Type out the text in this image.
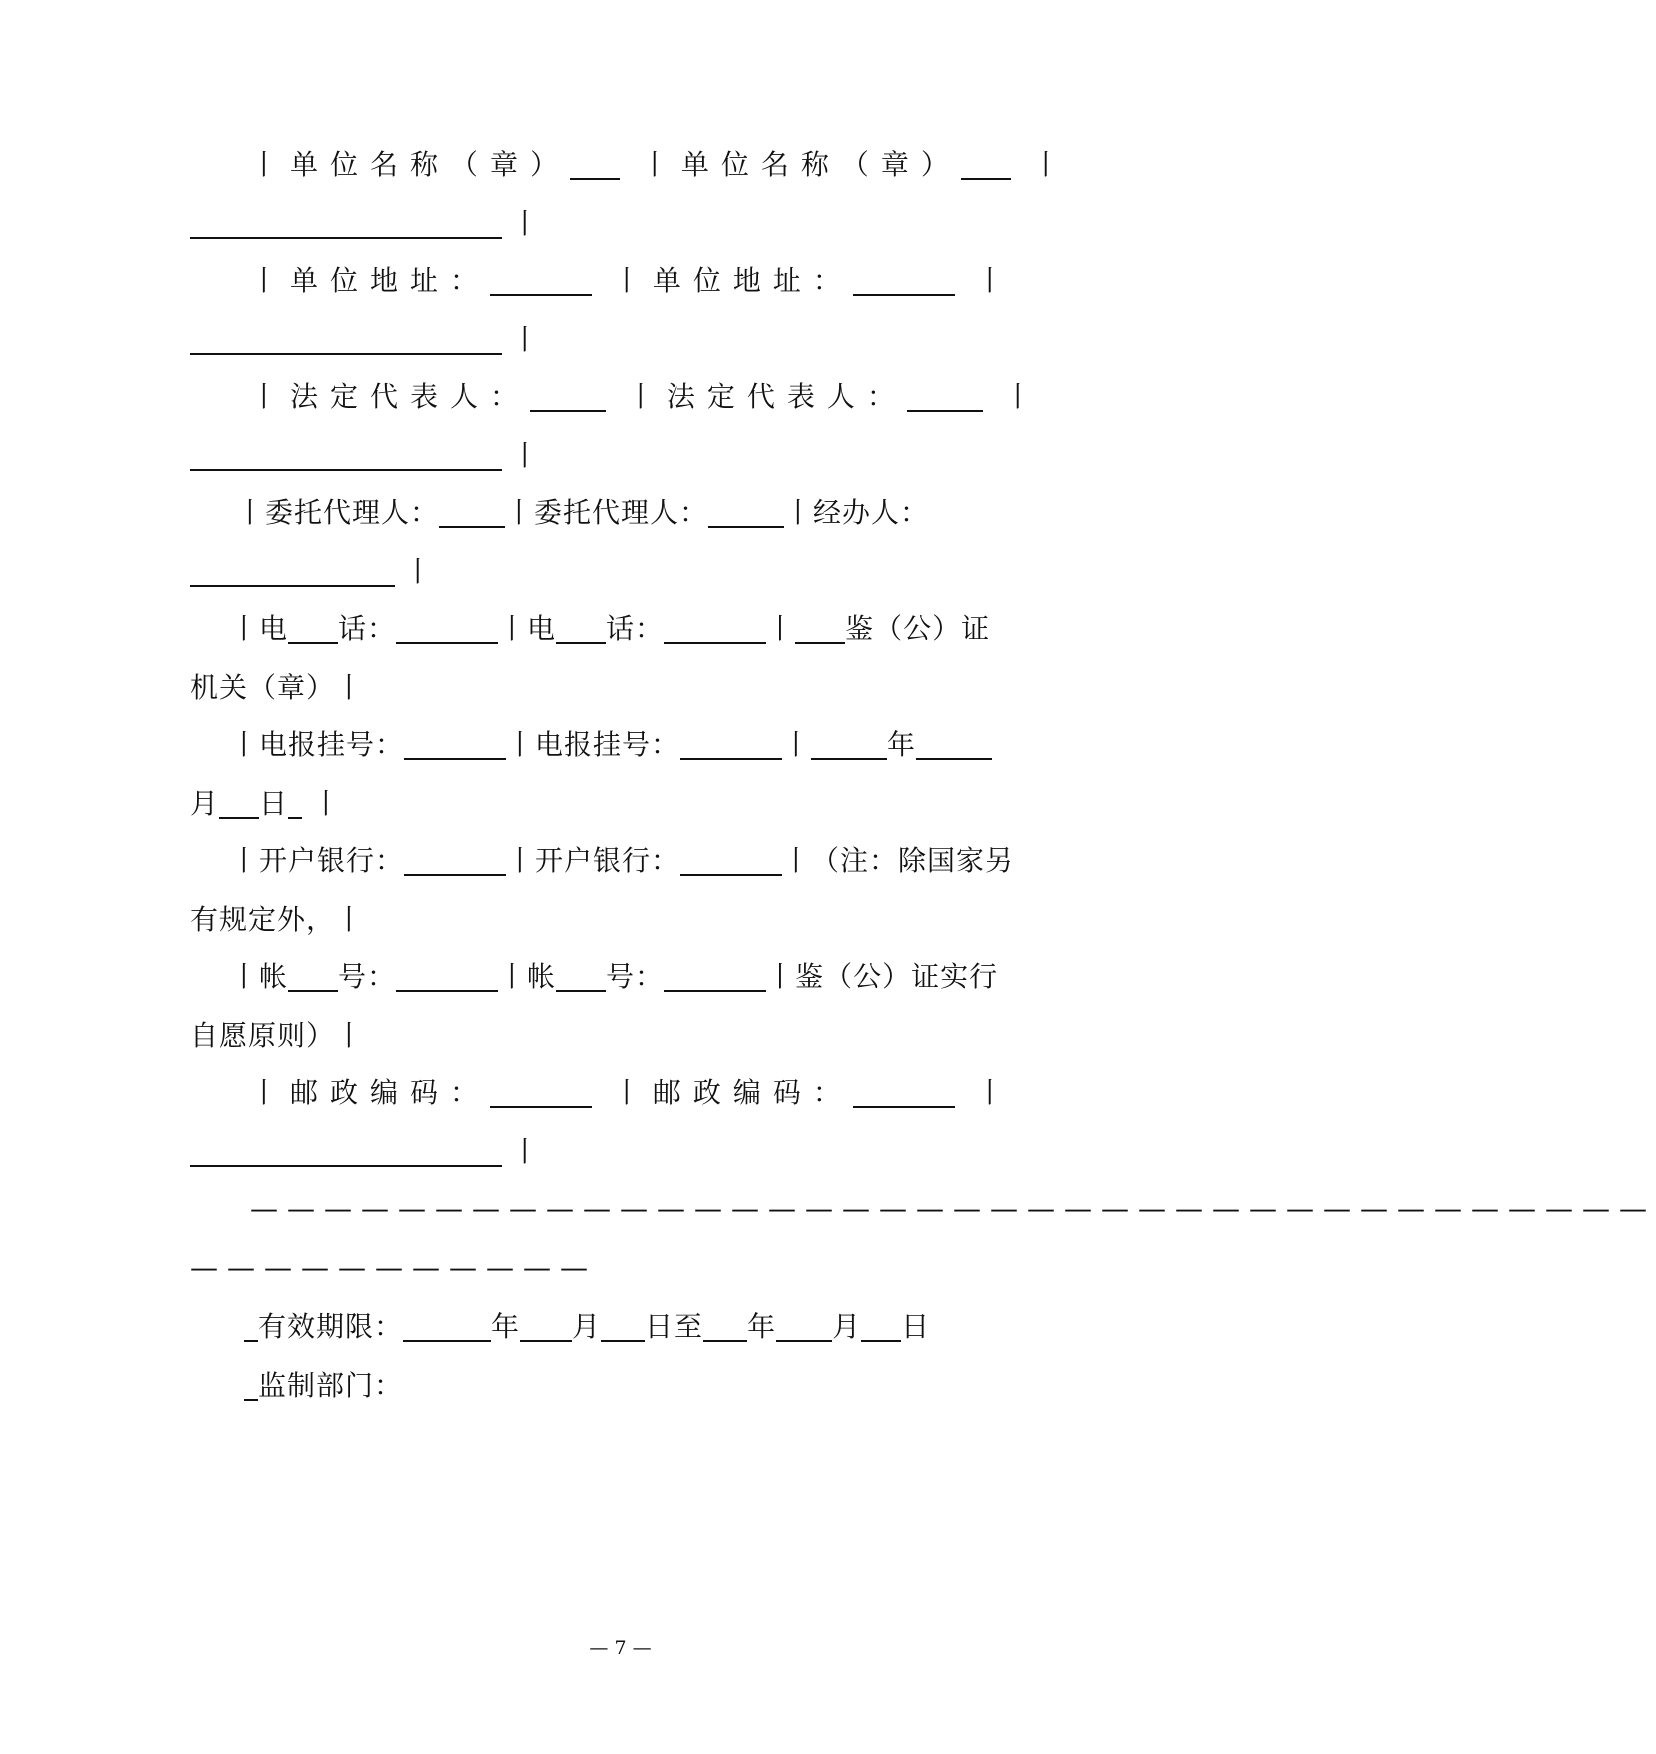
丨单位名称（章）	丨单位名称（章）	丨
丨
丨单位地址：	丨单位地址：	丨
丨
丨法定代表人：	丨法定代表人：	丨
丨
丨委托代理人： 丨委托代理人：	丨经办人：
丨
丨电 话：	丨电 话：	丨 鉴（公）证
机关（章）丨
丨电报挂号：	丨电报挂号：	丨	年
月 日 丨
丨开户银行：	丨开户银行：	丨（注：除国家另
有规定外，丨
丨帐 号：	丨帐 号：	丨鉴（公）证实行
自愿原则）丨
丨邮政编码：	丨邮政编码：	丨
丨
——————————————————————————————————————
———————————
有效期限：	年 月 日至 年 月 日
监制部门：
— 7 —
